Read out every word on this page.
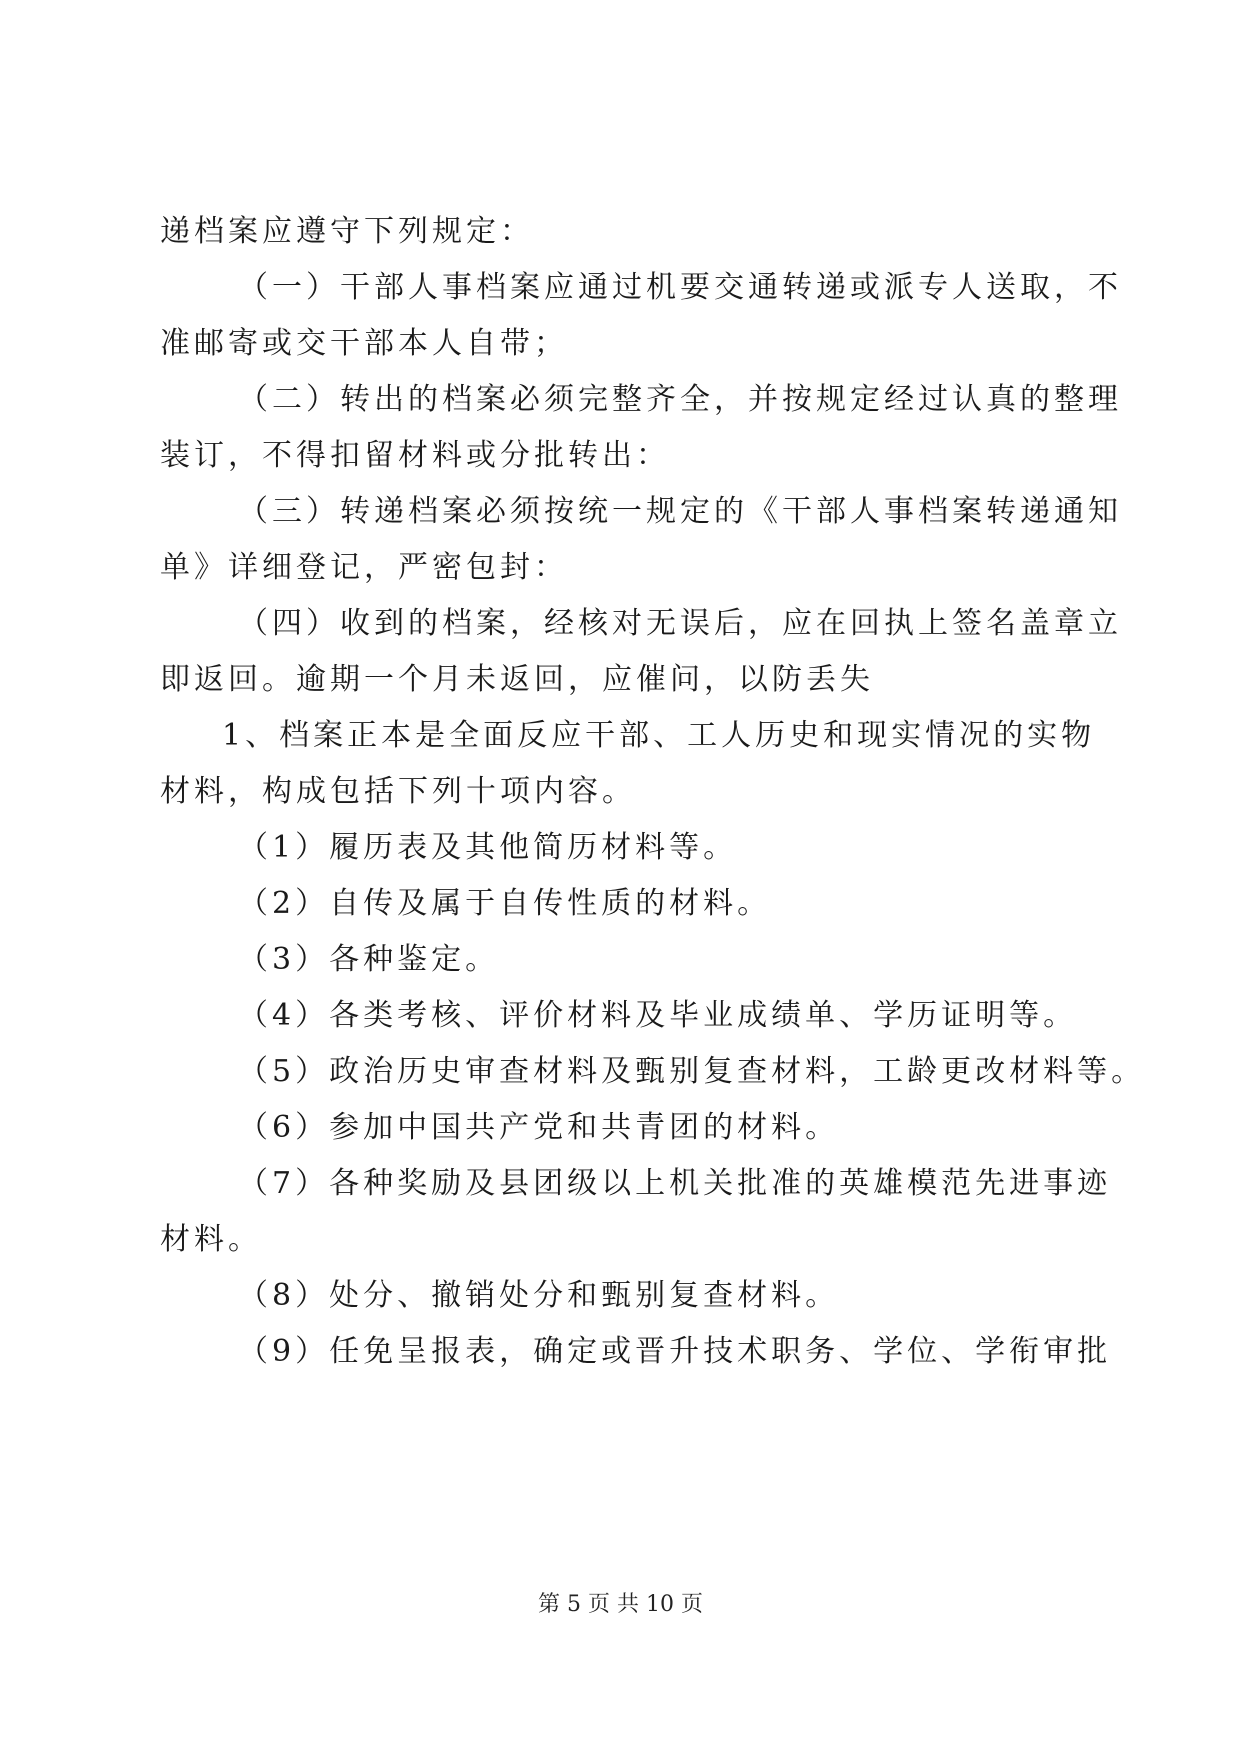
递档案应遵守下列规定：
（一）干部人事档案应通过机要交通转递或派专人送取，不
准邮寄或交干部本人自带；
（二）转出的档案必须完整齐全，并按规定经过认真的整理
装订，不得扣留材料或分批转出：
（三）转递档案必须按统一规定的《干部人事档案转递通知
单》详细登记，严密包封：
（四）收到的档案，经核对无误后，应在回执上签名盖章立
即返回。逾期一个月未返回，应催问，以防丢失
1、档案正本是全面反应干部、工人历史和现实情况的实物
材料，构成包括下列十项内容。
（1）履历表及其他简历材料等。
（2）自传及属于自传性质的材料。
（3）各种鉴定。
（4）各类考核、评价材料及毕业成绩单、学历证明等。
（5）政治历史审查材料及甄别复查材料，工龄更改材料等。
（6）参加中国共产党和共青团的材料。
（7）各种奖励及县团级以上机关批准的英雄模范先进事迹
材料。
（8）处分、撤销处分和甄别复查材料。
（9）任免呈报表，确定或晋升技术职务、学位、学衔审批
第 5 页 共 10 页
